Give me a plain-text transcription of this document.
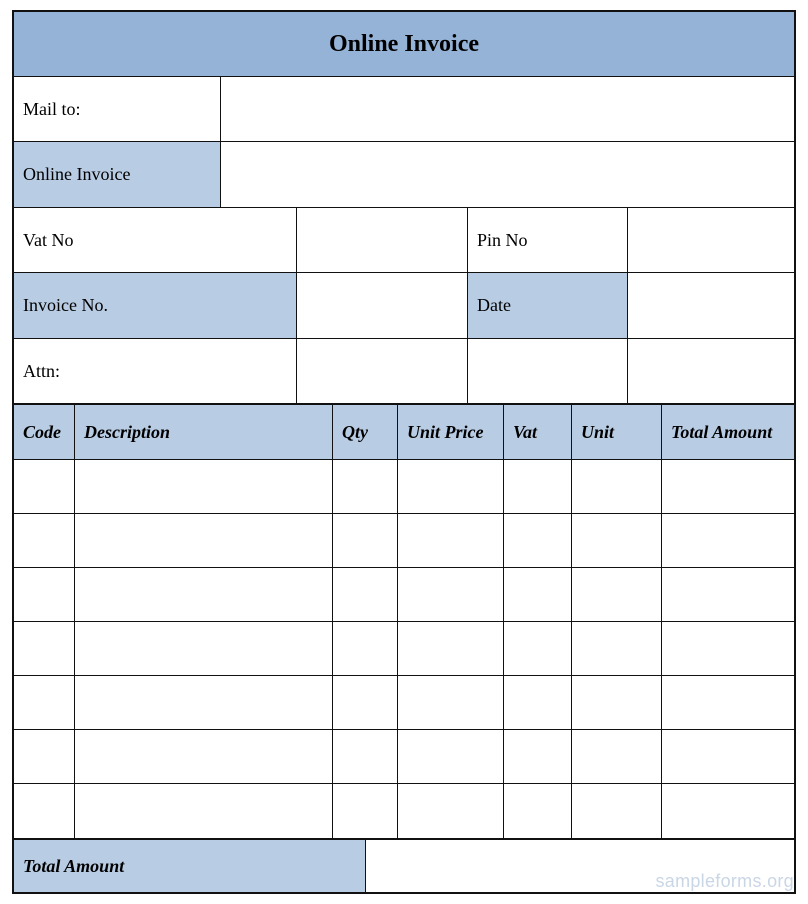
Online Invoice
Mail to:
Online Invoice
Vat No	Pin No
Invoice No.	Date
Attn:
Code	Description	Qty	Unit Price	Vat	Unit	Total Amount
Total Amount
sampleforms.org
